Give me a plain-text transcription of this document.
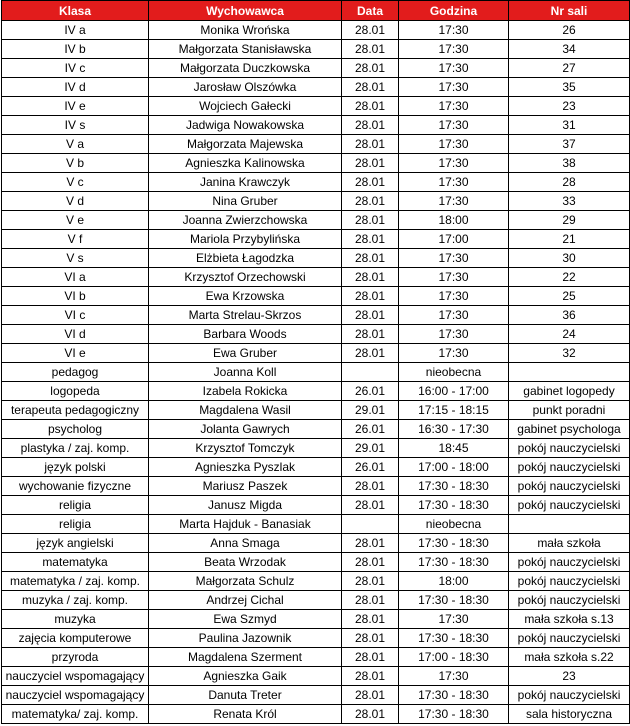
Klasa	Wychowawca	Data	Godzina	Nr sali
IV a	Monika Wrońska	28.01	17:30	26
IV b	Małgorzata Stanisławska	28.01	17:30	34
IV c	Małgorzata Duczkowska	28.01	17:30	27
IV d	Jarosław Olszówka	28.01	17:30	35
IV e	Wojciech Gałecki	28.01	17:30	23
IV s	Jadwiga Nowakowska	28.01	17:30	31
V a	Małgorzata Majewska	28.01	17:30	37
V b	Agnieszka Kalinowska	28.01	17:30	38
V c	Janina Krawczyk	28.01	17:30	28
V d	Nina Gruber	28.01	17:30	33
V e	Joanna Zwierzchowska	28.01	18:00	29
V f	Mariola Przybylińska	28.01	17:00	21
V s	Elżbieta Łagodzka	28.01	17:30	30
VI a	Krzysztof Orzechowski	28.01	17:30	22
VI b	Ewa Krzowska	28.01	17:30	25
VI c	Marta Strelau-Skrzos	28.01	17:30	36
VI d	Barbara Woods	28.01	17:30	24
VI e	Ewa Gruber	28.01	17:30	32
pedagog	Joanna Koll		nieobecna	
logopeda	Izabela Rokicka	26.01	16:00 - 17:00	gabinet logopedy
terapeuta pedagogiczny	Magdalena Wasil	29.01	17:15 - 18:15	punkt poradni
psycholog	Jolanta Gawrych	26.01	16:30 - 17:30	gabinet psychologa
plastyka / zaj. komp.	Krzysztof Tomczyk	29.01	18:45	pokój nauczycielski
język polski	Agnieszka Pyszlak	26.01	17:00 - 18:00	pokój nauczycielski
wychowanie fizyczne	Mariusz Paszek	28.01	17:30 - 18:30	pokój nauczycielski
religia	Janusz Migda	28.01	17:30 - 18:30	pokój nauczycielski
religia	Marta Hajduk - Banasiak		nieobecna	
język angielski	Anna Smaga	28.01	17:30 - 18:30	mała szkoła
matematyka	Beata Wrzodak	28.01	17:30 - 18:30	pokój nauczycielski
matematyka / zaj. komp.	Małgorzata Schulz	28.01	18:00	pokój nauczycielski
muzyka / zaj. komp.	Andrzej Cichal	28.01	17:30 - 18:30	pokój nauczycielski
muzyka	Ewa Szmyd	28.01	17:30	mała szkoła s.13
zajęcia komputerowe	Paulina Jazownik	28.01	17:30 - 18:30	pokój nauczycielski
przyroda	Magdalena Szerment	28.01	17:00 - 18:30	mała szkoła s.22
nauczyciel wspomagający	Agnieszka Gaik	28.01	17:30	23
nauczyciel wspomagający	Danuta Treter	28.01	17:30 - 18:30	pokój nauczycielski
matematyka/ zaj. komp.	Renata Król	28.01	17:30 - 18:30	sala historyczna
